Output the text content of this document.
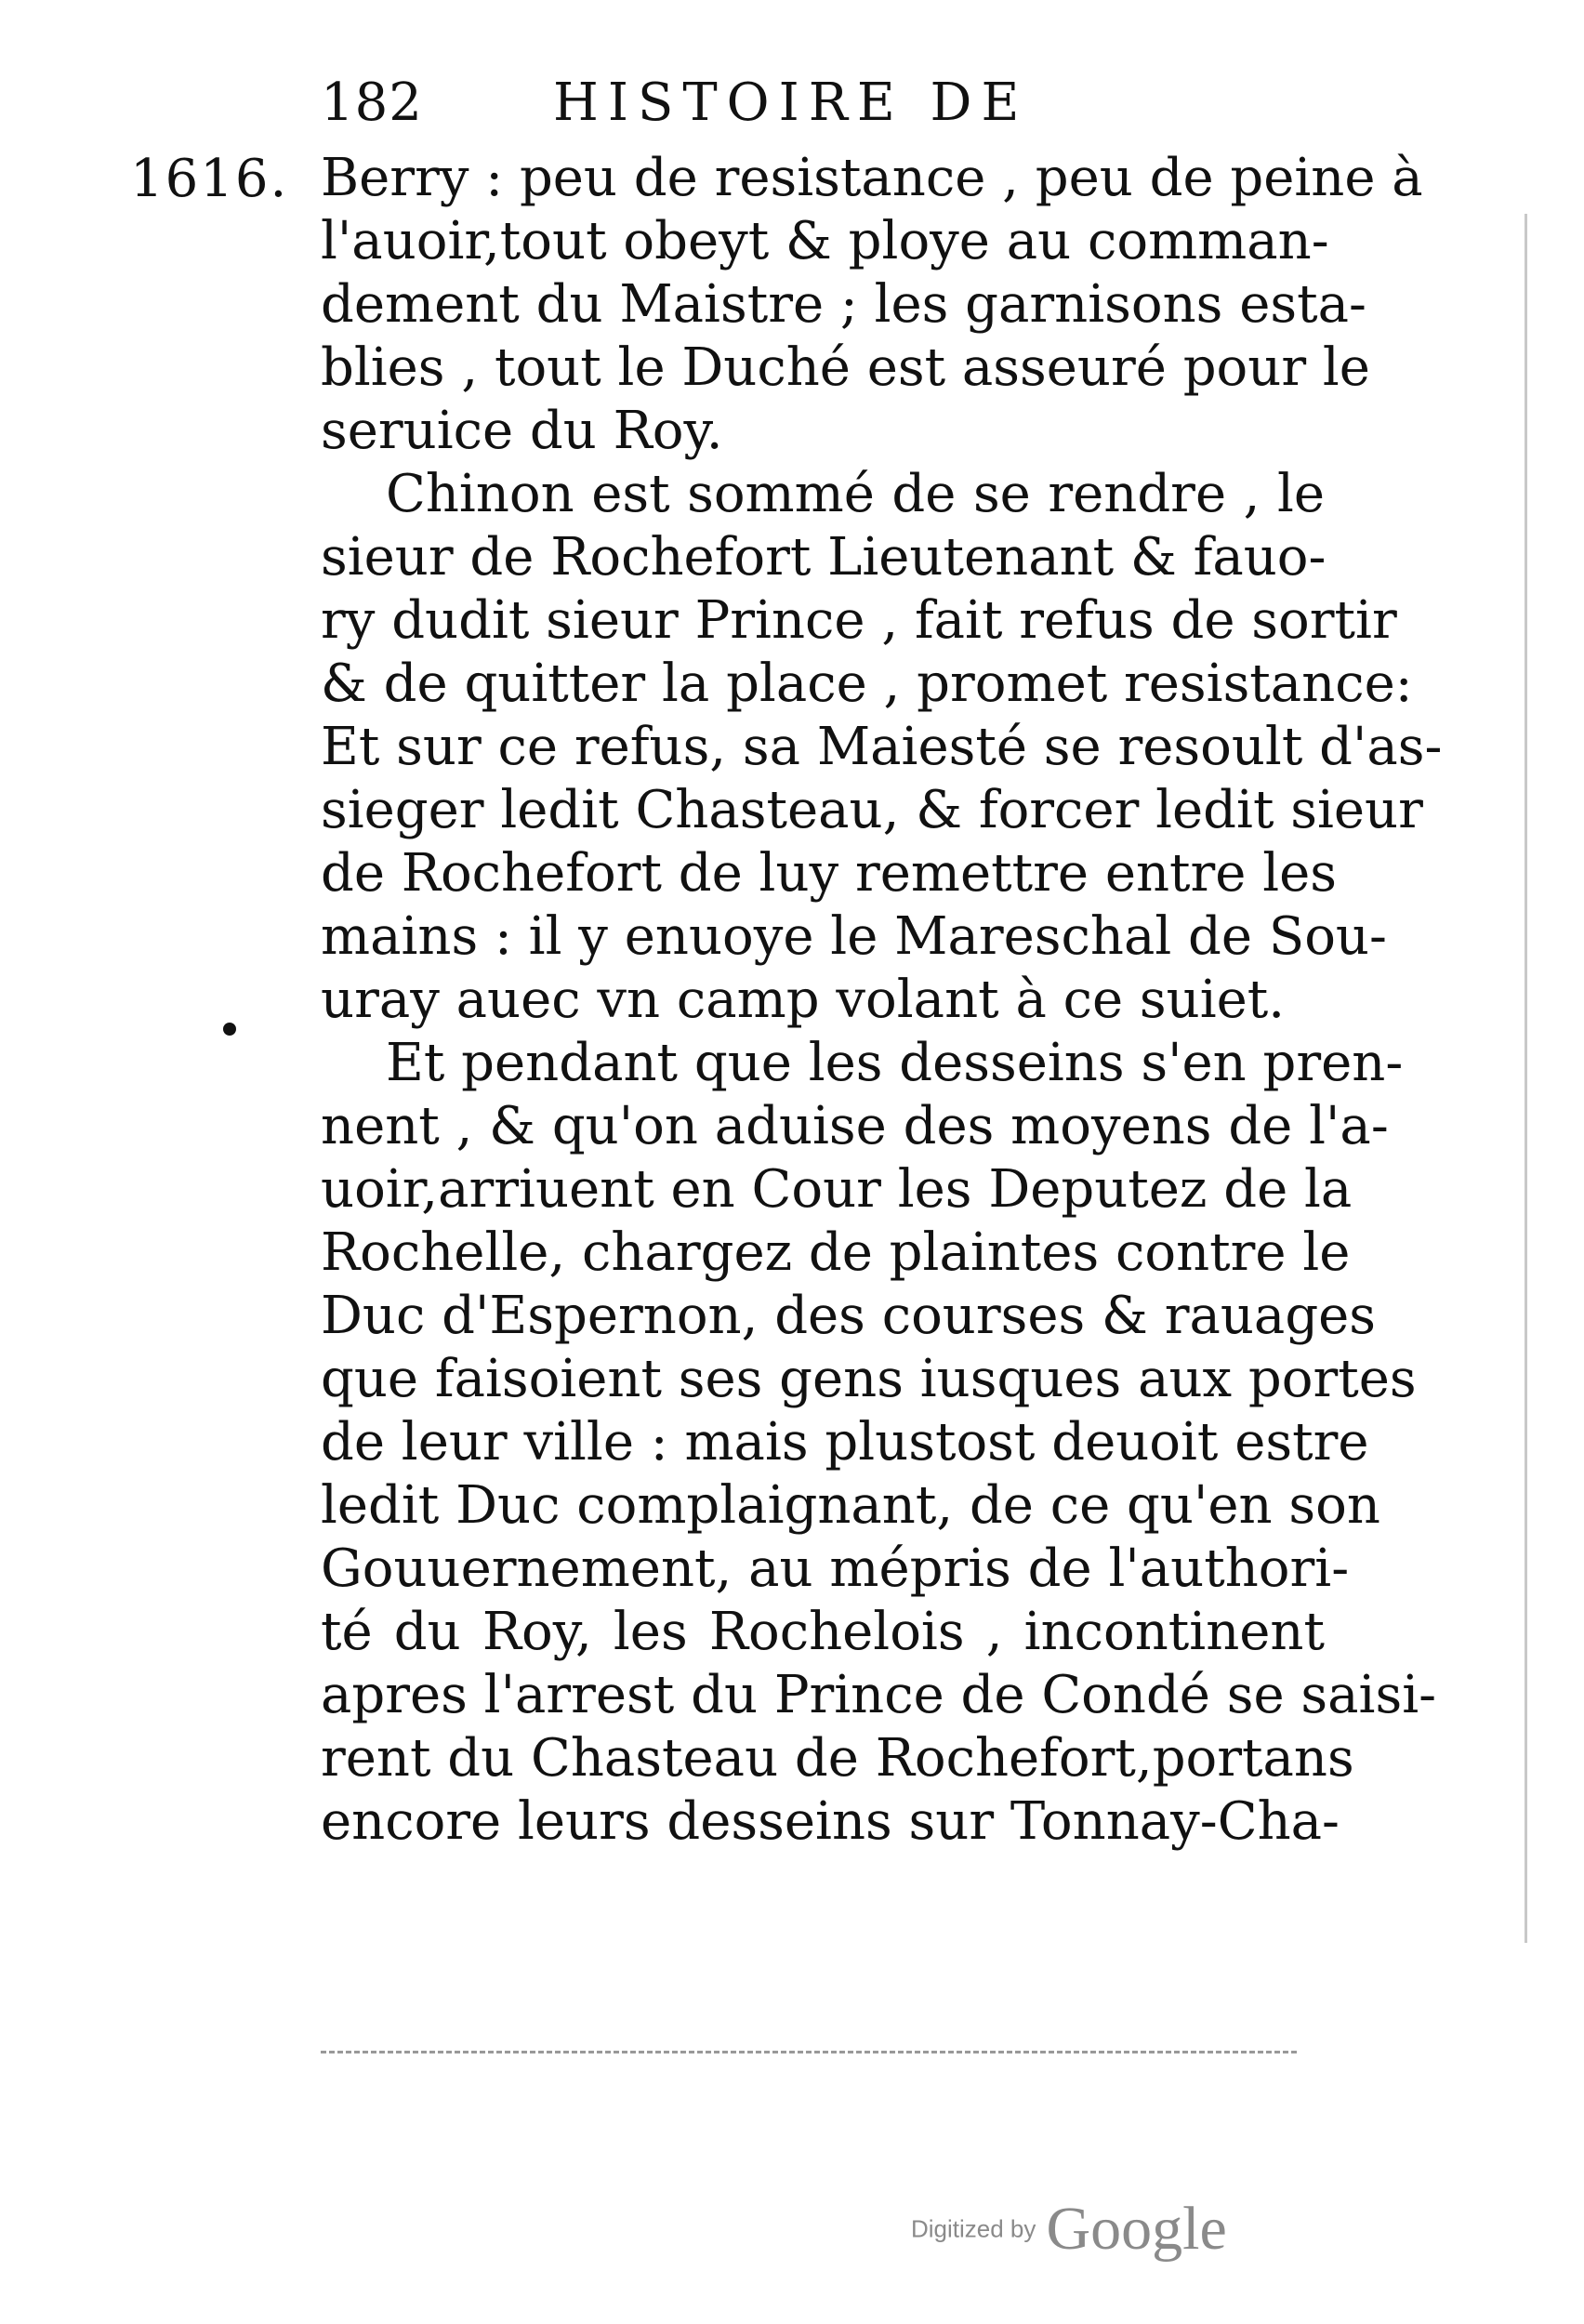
182	HISTOIRE DE
1616. Berry : peu de resistance , peu de peine à
l'auoir,tout obeyt & ploye au comman-
dement du Maistre ; les garnisons esta-
blies , tout le Duché est asseuré pour le
seruice du Roy.
Chinon est sommé de se rendre , le
sieur de Rochefort Lieutenant & fauo-
ry dudit sieur Prince , fait refus de sortir
& de quitter la place , promet resistance:
Et sur ce refus, sa Maiesté se resoult d'as-
sieger ledit Chasteau, & forcer ledit sieur
de Rochefort de luy remettre entre les
mains : il y enuoye le Mareschal de Sou-
uray auec vn camp volant à ce suiet.
Et pendant que les desseins s'en pren-
nent , & qu'on aduise des moyens de l'a-
uoir,arriuent en Cour les Deputez de la
Rochelle, chargez de plaintes contre le
Duc d'Espernon, des courses & rauages
que faisoient ses gens iusques aux portes
de leur ville : mais plustost deuoit estre
ledit Duc complaignant, de ce qu'en son
Gouuernement, au mépris de l'authori-
té du Roy, les Rochelois , incontinent
apres l'arrest du Prince de Condé se saisi-
rent du Chasteau de Rochefort,portans
encore leurs desseins sur Tonnay-Cha-
Digitized by Google
